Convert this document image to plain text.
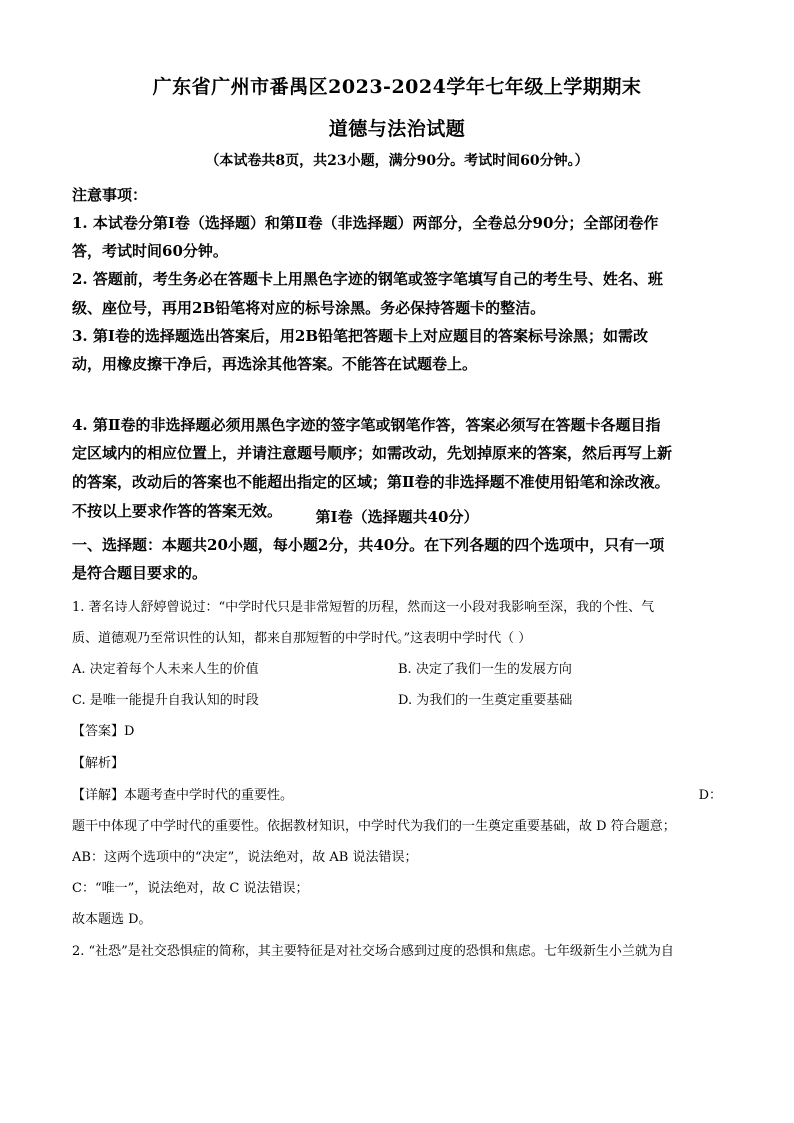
广东省广州市番禺区2023-2024学年七年级上学期期末
道德与法治试题
（本试卷共8页，共23小题，满分90分。考试时间60分钟。）
注意事项：
1. 本试卷分第Ⅰ卷（选择题）和第Ⅱ卷（非选择题）两部分，全卷总分90分；全部闭卷作
答，考试时间60分钟。
2. 答题前，考生务必在答题卡上用黑色字迹的钢笔或签字笔填写自己的考生号、姓名、班
级、座位号，再用2B铅笔将对应的标号涂黑。务必保持答题卡的整洁。
3. 第Ⅰ卷的选择题选出答案后，用2B铅笔把答题卡上对应题目的答案标号涂黑；如需改
动，用橡皮擦干净后，再选涂其他答案。不能答在试题卷上。
4. 第Ⅱ卷的非选择题必须用黑色字迹的签字笔或钢笔作答，答案必须写在答题卡各题目指
定区域内的相应位置上，并请注意题号顺序；如需改动，先划掉原来的答案，然后再写上新
的答案，改动后的答案也不能超出指定的区域；第Ⅱ卷的非选择题不准使用铅笔和涂改液。
不按以上要求作答的答案无效。	第Ⅰ卷（选择题共40分）
一、选择题：本题共20小题，每小题2分，共40分。在下列各题的四个选项中，只有一项
是符合题目要求的。
1. 著名诗人舒婷曾说过：“中学时代只是非常短暂的历程，然而这一小段对我影响至深，我的个性、气
质、道德观乃至常识性的认知，都来自那短暂的中学时代。”这表明中学时代（ ）
A. 决定着每个人未来人生的价值	B. 决定了我们一生的发展方向
C. 是唯一能提升自我认知的时段	D. 为我们的一生奠定重要基础
【答案】D
【解析】
【详解】本题考查中学时代的重要性。	D：
题干中体现了中学时代的重要性。依据教材知识，中学时代为我们的一生奠定重要基础，故 D 符合题意；
AB：这两个选项中的“决定”，说法绝对，故 AB 说法错误；
C：“唯一”，说法绝对，故 C 说法错误；
故本题选 D。
2. “社恐”是社交恐惧症的简称，其主要特征是对社交场合感到过度的恐惧和焦虑。七年级新生小兰就为自
